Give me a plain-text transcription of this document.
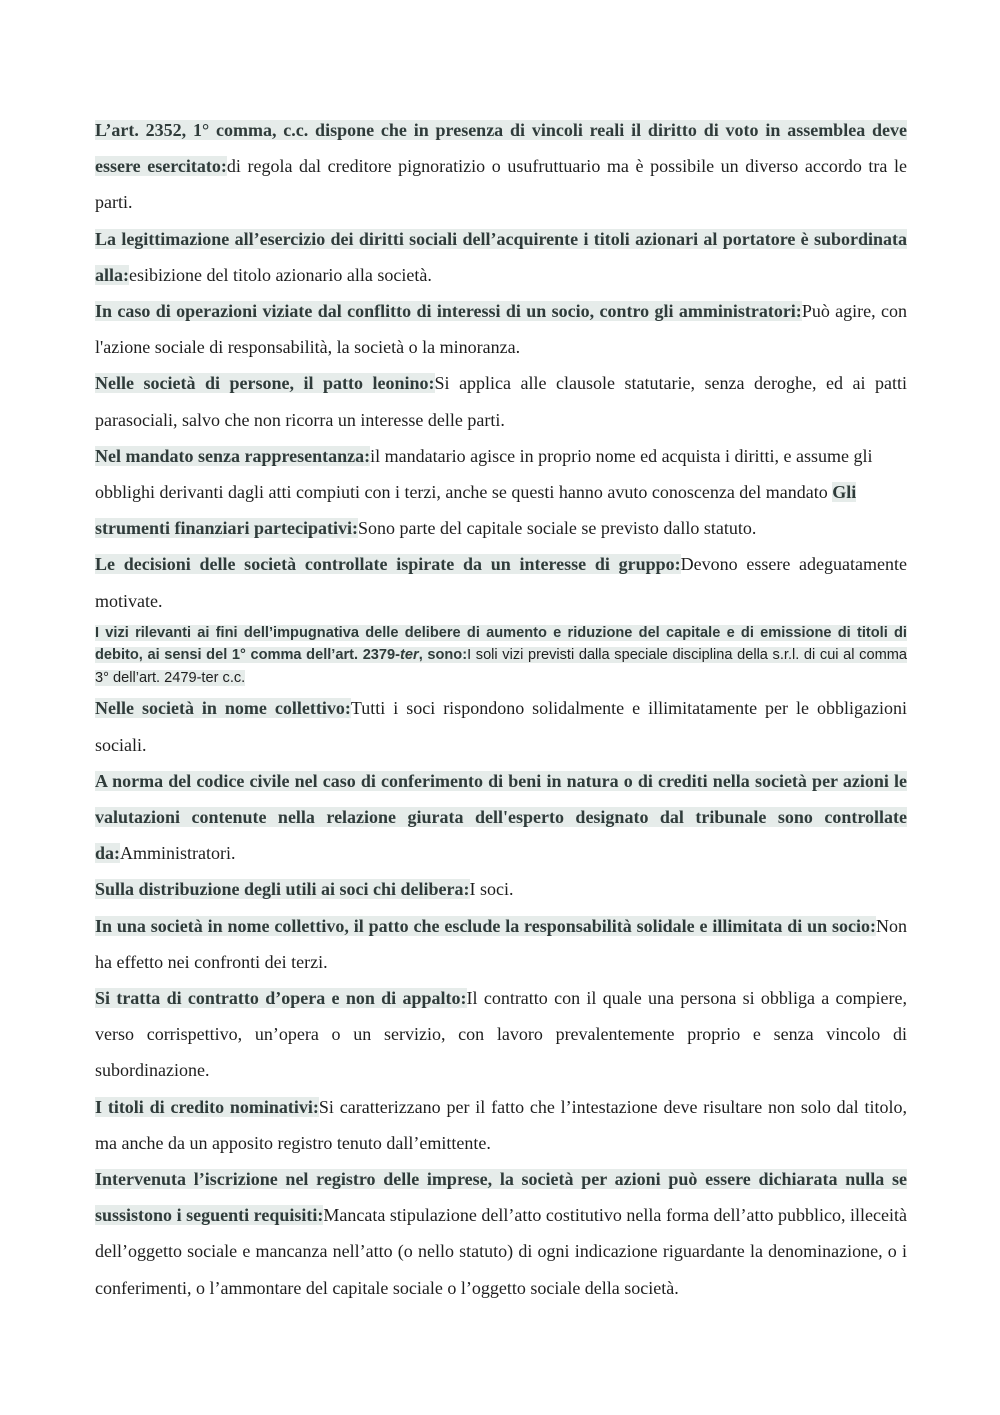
L’art. 2352, 1° comma, c.c. dispone che in presenza di vincoli reali il diritto di voto in assemblea deve essere esercitato:di regola dal creditore pignoratizio o usufruttuario ma è possibile un diverso accordo tra le parti.

La legittimazione all’esercizio dei diritti sociali dell’acquirente i titoli azionari al portatore è subordinata alla:esibizione del titolo azionario alla società.

In caso di operazioni viziate dal conflitto di interessi di un socio, contro gli amministratori:Può agire, con l'azione sociale di responsabilità, la società o la minoranza.

Nelle società di persone, il patto leonino:Si applica alle clausole statutarie, senza deroghe, ed ai patti parasociali, salvo che non ricorra un interesse delle parti.

Nel mandato senza rappresentanza:il mandatario agisce in proprio nome ed acquista i diritti, e assume gli obblighi derivanti dagli atti compiuti con i terzi, anche se questi hanno avuto conoscenza del mandato Gli strumenti finanziari partecipativi:Sono parte del capitale sociale se previsto dallo statuto.

Le decisioni delle società controllate ispirate da un interesse di gruppo:Devono essere adeguatamente motivate.

I vizi rilevanti ai fini dell’impugnativa delle delibere di aumento e riduzione del capitale e di emissione di titoli di debito, ai sensi del 1° comma dell’art. 2379-ter, sono:I soli vizi previsti dalla speciale disciplina della s.r.l. di cui al comma 3° dell’art. 2479-ter c.c.

Nelle società in nome collettivo:Tutti i soci rispondono solidalmente e illimitatamente per le obbligazioni sociali.

A norma del codice civile nel caso di conferimento di beni in natura o di crediti nella società per azioni le valutazioni contenute nella relazione giurata dell'esperto designato dal tribunale sono controllate da:Amministratori.

Sulla distribuzione degli utili ai soci chi delibera:I soci.

In una società in nome collettivo, il patto che esclude la responsabilità solidale e illimitata di un socio:Non ha effetto nei confronti dei terzi.

Si tratta di contratto d’opera e non di appalto:Il contratto con il quale una persona si obbliga a compiere, verso corrispettivo, un’opera o un servizio, con lavoro prevalentemente proprio e senza vincolo di subordinazione.

I titoli di credito nominativi:Si caratterizzano per il fatto che l’intestazione deve risultare non solo dal titolo, ma anche da un apposito registro tenuto dall’emittente.

Intervenuta l’iscrizione nel registro delle imprese, la società per azioni può essere dichiarata nulla se sussistono i seguenti requisiti:Mancata stipulazione dell’atto costitutivo nella forma dell’atto pubblico, illeceità dell’oggetto sociale e mancanza nell’atto (o nello statuto) di ogni indicazione riguardante la denominazione, o i conferimenti, o l’ammontare del capitale sociale o l’oggetto sociale della società.
